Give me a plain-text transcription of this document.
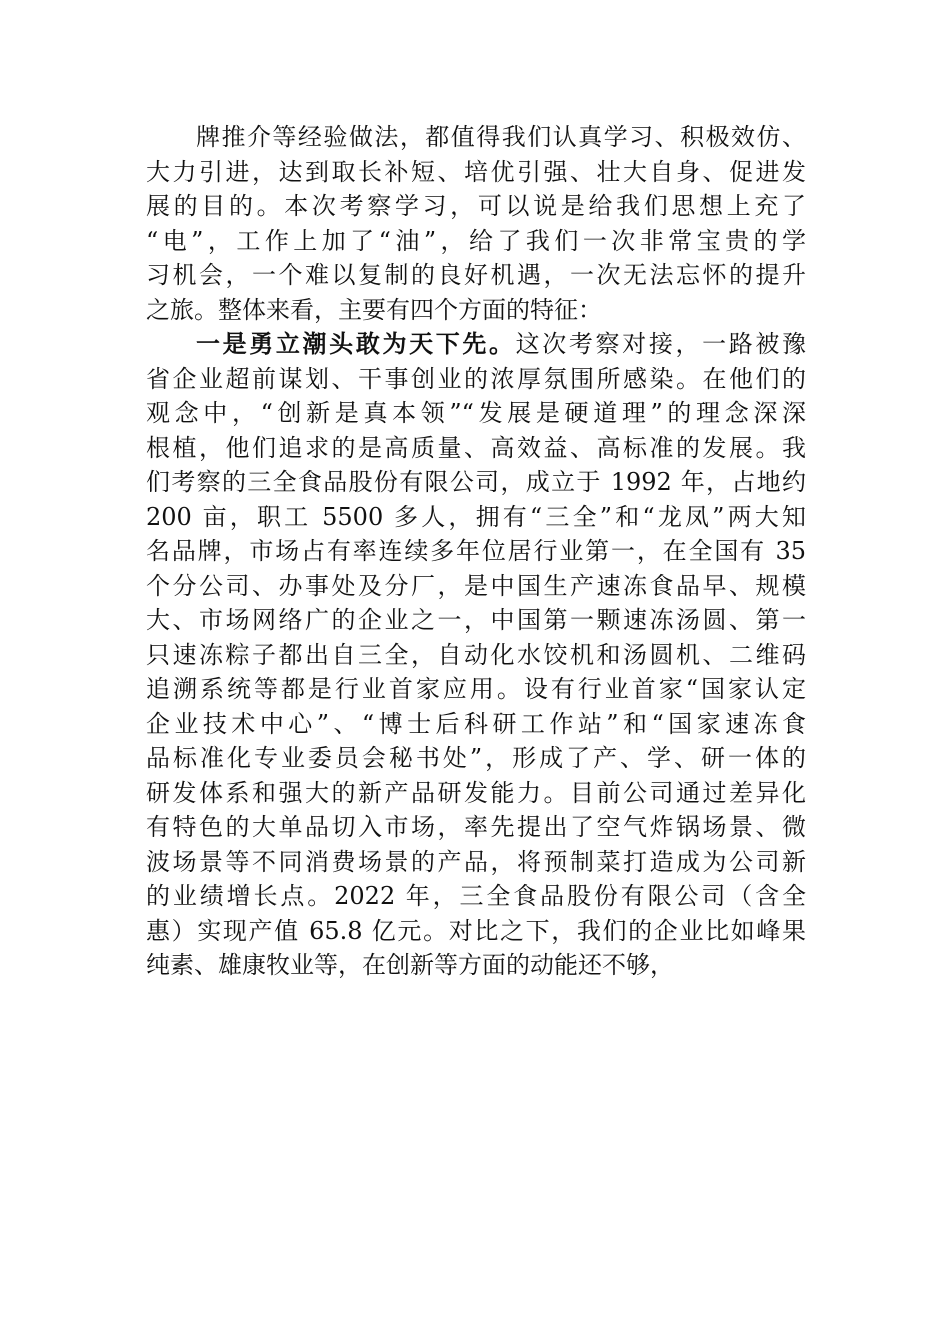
牌推介等经验做法，都值得我们认真学习、积极效仿、
大力引进，达到取长补短、培优引强、壮大自身、促进发
展的目的。本次考察学习，可以说是给我们思想上充了
“电”，工作上加了“油”，给了我们一次非常宝贵的学
习机会，一个难以复制的良好机遇，一次无法忘怀的提升
之旅。整体来看，主要有四个方面的特征：
一是勇立潮头敢为天下先。这次考察对接，一路被豫
省企业超前谋划、干事创业的浓厚氛围所感染。在他们的
观念中，“创新是真本领”“发展是硬道理”的理念深深
根植，他们追求的是高质量、高效益、高标准的发展。我
们考察的三全食品股份有限公司，成立于 1992 年，占地约
200 亩，职工 5500 多人，拥有“三全”和“龙凤”两大知
名品牌，市场占有率连续多年位居行业第一，在全国有 35
个分公司、办事处及分厂，是中国生产速冻食品早、规模
大、市场网络广的企业之一，中国第一颗速冻汤圆、第一
只速冻粽子都出自三全，自动化水饺机和汤圆机、二维码
追溯系统等都是行业首家应用。设有行业首家“国家认定
企业技术中心”、“博士后科研工作站”和“国家速冻食
品标准化专业委员会秘书处”，形成了产、学、研一体的
研发体系和强大的新产品研发能力。目前公司通过差异化
有特色的大单品切入市场，率先提出了空气炸锅场景、微
波场景等不同消费场景的产品，将预制菜打造成为公司新
的业绩增长点。2022 年，三全食品股份有限公司（含全
惠）实现产值 65.8 亿元。对比之下，我们的企业比如峰果
纯素、雄康牧业等，在创新等方面的动能还不够，
